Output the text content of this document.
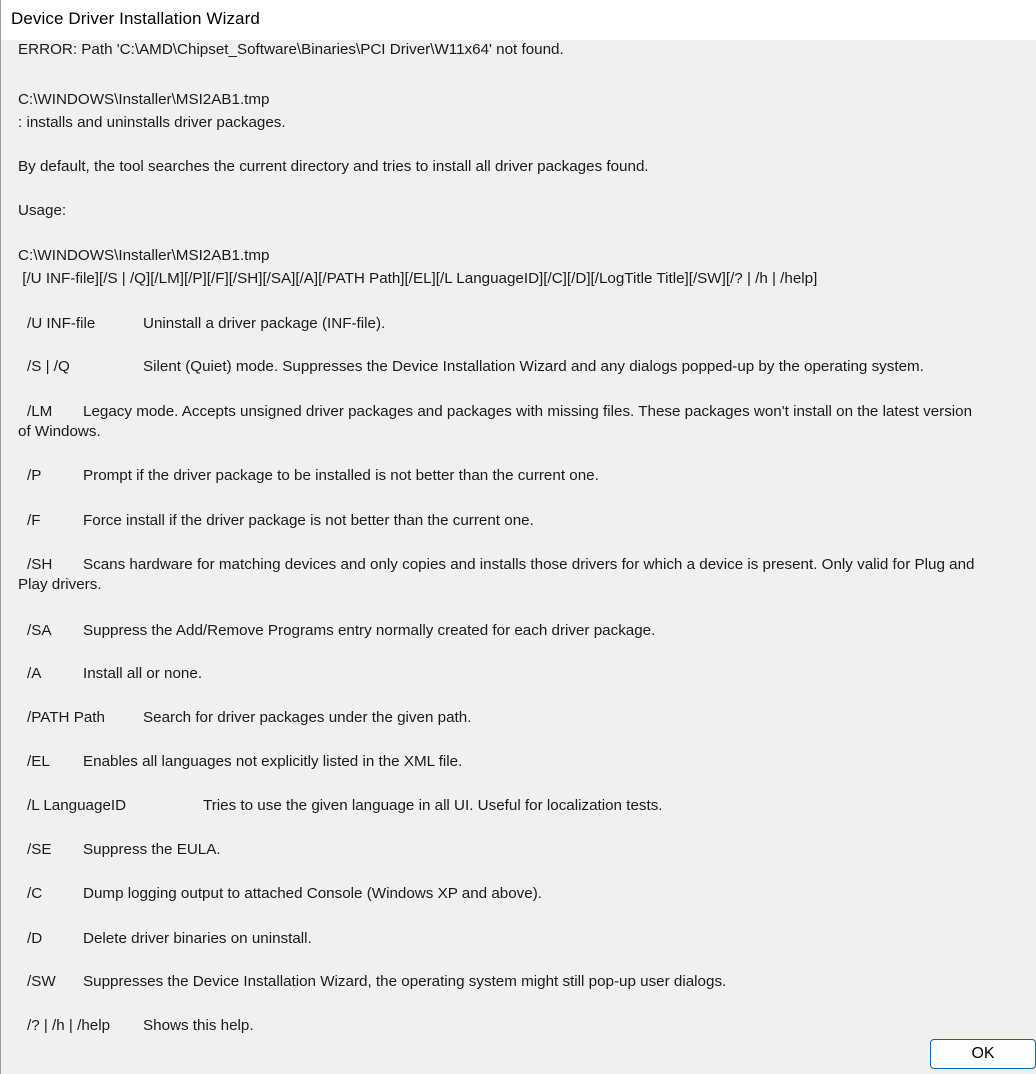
Device Driver Installation Wizard
ERROR: Path 'C:\AMD\Chipset_Software\Binaries\PCI Driver\W11x64' not found.
C:\WINDOWS\Installer\MSI2AB1.tmp
: installs and uninstalls driver packages.
By default, the tool searches the current directory and tries to install all driver packages found.
Usage:
C:\WINDOWS\Installer\MSI2AB1.tmp
[/U INF-file][/S | /Q][/LM][/P][/F][/SH][/SA][/A][/PATH Path][/EL][/L LanguageID][/C][/D][/LogTitle Title][/SW][/? | /h | /help]
/U INF-file	Uninstall a driver package (INF-file).
/S | /Q	Silent (Quiet) mode. Suppresses the Device Installation Wizard and any dialogs popped-up by the operating system.
/LM Legacy mode. Accepts unsigned driver packages and packages with missing files. These packages won't install on the latest version
of Windows.
/P	Prompt if the driver package to be installed is not better than the current one.
/F	Force install if the driver package is not better than the current one.
/SH Scans hardware for matching devices and only copies and installs those drivers for which a device is present. Only valid for Plug and
Play drivers.
/SA Suppress the Add/Remove Programs entry normally created for each driver package.
/A	Install all or none.
/PATH Path	Search for driver packages under the given path.
/EL Enables all languages not explicitly listed in the XML file.
/L LanguageID	Tries to use the given language in all UI. Useful for localization tests.
/SE Suppress the EULA.
/C	Dump logging output to attached Console (Windows XP and above).
/D	Delete driver binaries on uninstall.
/SW Suppresses the Device Installation Wizard, the operating system might still pop-up user dialogs.
/? | /h | /help Shows this help.
OK
